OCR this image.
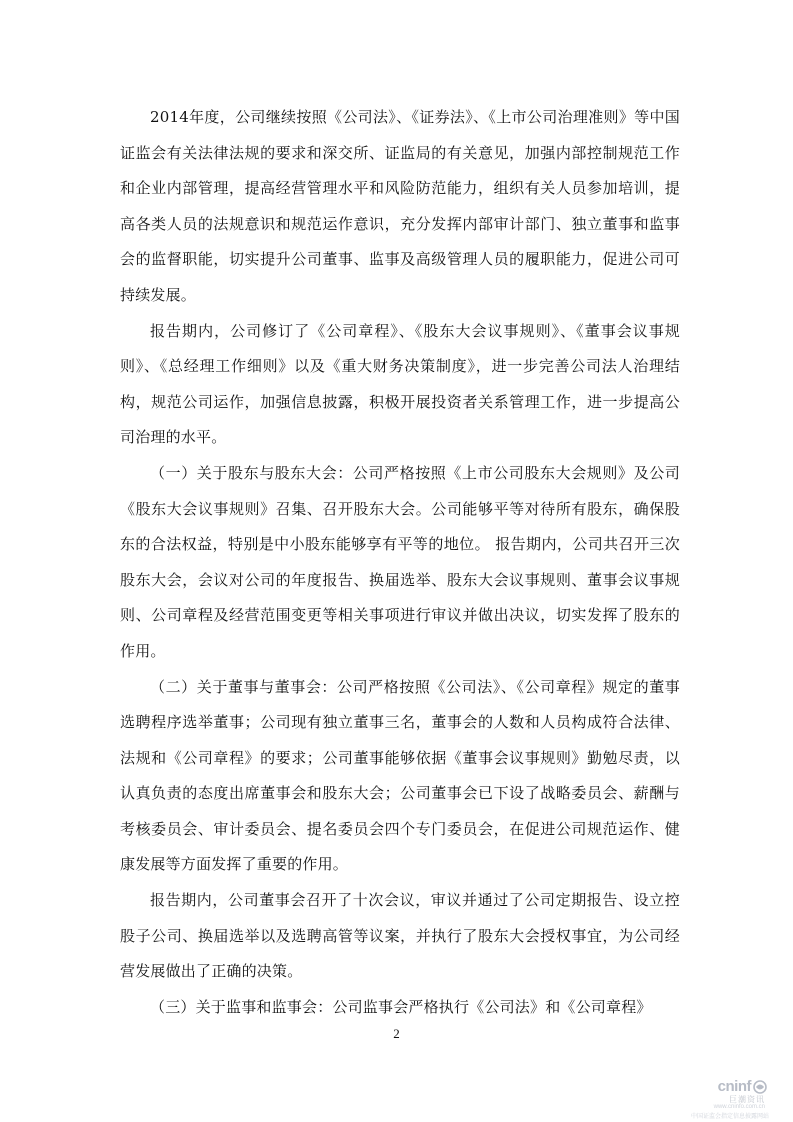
2014年度，公司继续按照《公司法》、《证券法》、《上市公司治理准则》等中国证监会有关法律法规的要求和深交所、证监局的有关意见，加强内部控制规范工作和企业内部管理，提高经营管理水平和风险防范能力，组织有关人员参加培训，提高各类人员的法规意识和规范运作意识，充分发挥内部审计部门、独立董事和监事会的监督职能，切实提升公司董事、监事及高级管理人员的履职能力，促进公司可持续发展。

报告期内，公司修订了《公司章程》、《股东大会议事规则》、《董事会议事规则》、《总经理工作细则》以及《重大财务决策制度》，进一步完善公司法人治理结构，规范公司运作，加强信息披露，积极开展投资者关系管理工作，进一步提高公司治理的水平。

（一）关于股东与股东大会：公司严格按照《上市公司股东大会规则》及公司《股东大会议事规则》召集、召开股东大会。公司能够平等对待所有股东，确保股东的合法权益，特别是中小股东能够享有平等的地位。 报告期内，公司共召开三次股东大会，会议对公司的年度报告、换届选举、股东大会议事规则、董事会议事规则、公司章程及经营范围变更等相关事项进行审议并做出决议，切实发挥了股东的作用。

（二）关于董事与董事会：公司严格按照《公司法》、《公司章程》规定的董事选聘程序选举董事；公司现有独立董事三名，董事会的人数和人员构成符合法律、法规和《公司章程》的要求；公司董事能够依据《董事会议事规则》勤勉尽责，以认真负责的态度出席董事会和股东大会；公司董事会已下设了战略委员会、薪酬与考核委员会、审计委员会、提名委员会四个专门委员会，在促进公司规范运作、健康发展等方面发挥了重要的作用。

报告期内，公司董事会召开了十次会议，审议并通过了公司定期报告、设立控股子公司、换届选举以及选聘高管等议案，并执行了股东大会授权事宜，为公司经营发展做出了正确的决策。

（三）关于监事和监事会：公司监事会严格执行《公司法》和《公司章程》

2
cninf
巨潮资讯
www.cninfo.com.cn
中国证监会指定信息披露网站
